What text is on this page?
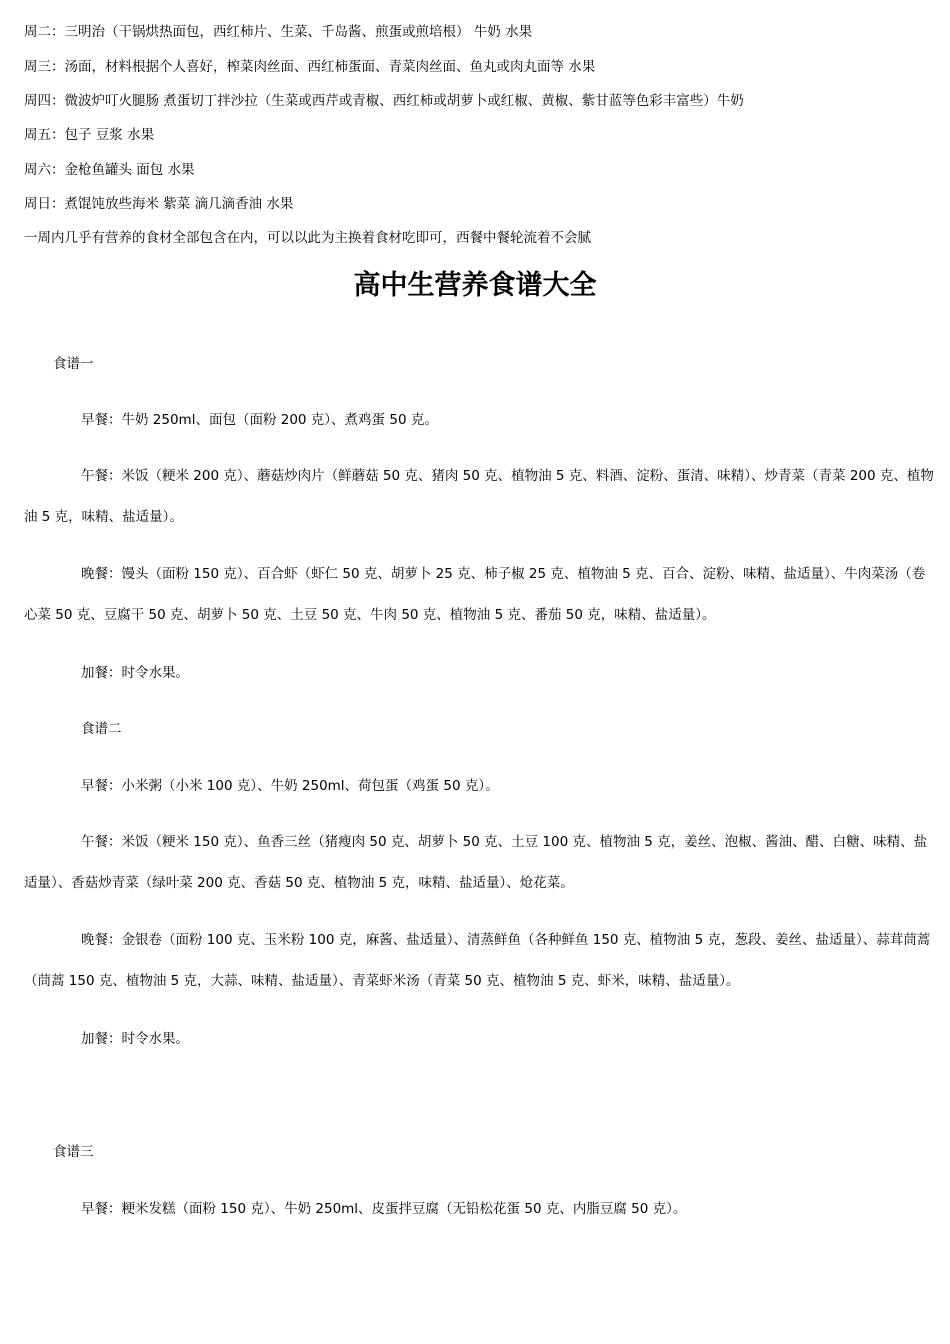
周二：三明治（干锅烘热面包，西红柿片、生菜、千岛酱、煎蛋或煎培根） 牛奶 水果
周三：汤面，材料根据个人喜好，榨菜肉丝面、西红柿蛋面、青菜肉丝面、鱼丸或肉丸面等 水果
周四：微波炉叮火腿肠 煮蛋切丁拌沙拉（生菜或西芹或青椒、西红柿或胡萝卜或红椒、黄椒、紫甘蓝等色彩丰富些）牛奶
周五：包子 豆浆 水果
周六：金枪鱼罐头 面包 水果
周日：煮馄饨放些海米 紫菜 滴几滴香油 水果
一周内几乎有营养的食材全部包含在内，可以以此为主换着食材吃即可，西餐中餐轮流着不会腻
高中生营养食谱大全
食谱一
早餐：牛奶 250ml、面包（面粉 200 克）、煮鸡蛋 50 克。
午餐：米饭（粳米 200 克）、蘑菇炒肉片（鲜蘑菇 50 克、猪肉 50 克、植物油 5 克、料酒、淀粉、蛋清、味精）、炒青菜（青菜 200 克、植物油 5 克，味精、盐适量）。
晚餐：馒头（面粉 150 克）、百合虾（虾仁 50 克、胡萝卜 25 克、柿子椒 25 克、植物油 5 克、百合、淀粉、味精、盐适量）、牛肉菜汤（卷心菜 50 克、豆腐干 50 克、胡萝卜 50 克、土豆 50 克、牛肉 50 克、植物油 5 克、番茄 50 克，味精、盐适量）。
加餐：时令水果。
食谱二
早餐：小米粥（小米 100 克）、牛奶 250ml、荷包蛋（鸡蛋 50 克）。
午餐：米饭（粳米 150 克）、鱼香三丝（猪瘦肉 50 克、胡萝卜 50 克、土豆 100 克、植物油 5 克，姜丝、泡椒、酱油、醋、白糖、味精、盐适量）、香菇炒青菜（绿叶菜 200 克、香菇 50 克、植物油 5 克，味精、盐适量）、炝花菜。
晚餐：金银卷（面粉 100 克、玉米粉 100 克，麻酱、盐适量）、清蒸鲜鱼（各种鲜鱼 150 克、植物油 5 克，葱段、姜丝、盐适量）、蒜茸茼蒿（茼蒿 150 克、植物油 5 克，大蒜、味精、盐适量）、青菜虾米汤（青菜 50 克、植物油 5 克、虾米，味精、盐适量）。
加餐：时令水果。
食谱三
早餐：粳米发糕（面粉 150 克）、牛奶 250ml、皮蛋拌豆腐（无铅松花蛋 50 克、内脂豆腐 50 克）。
